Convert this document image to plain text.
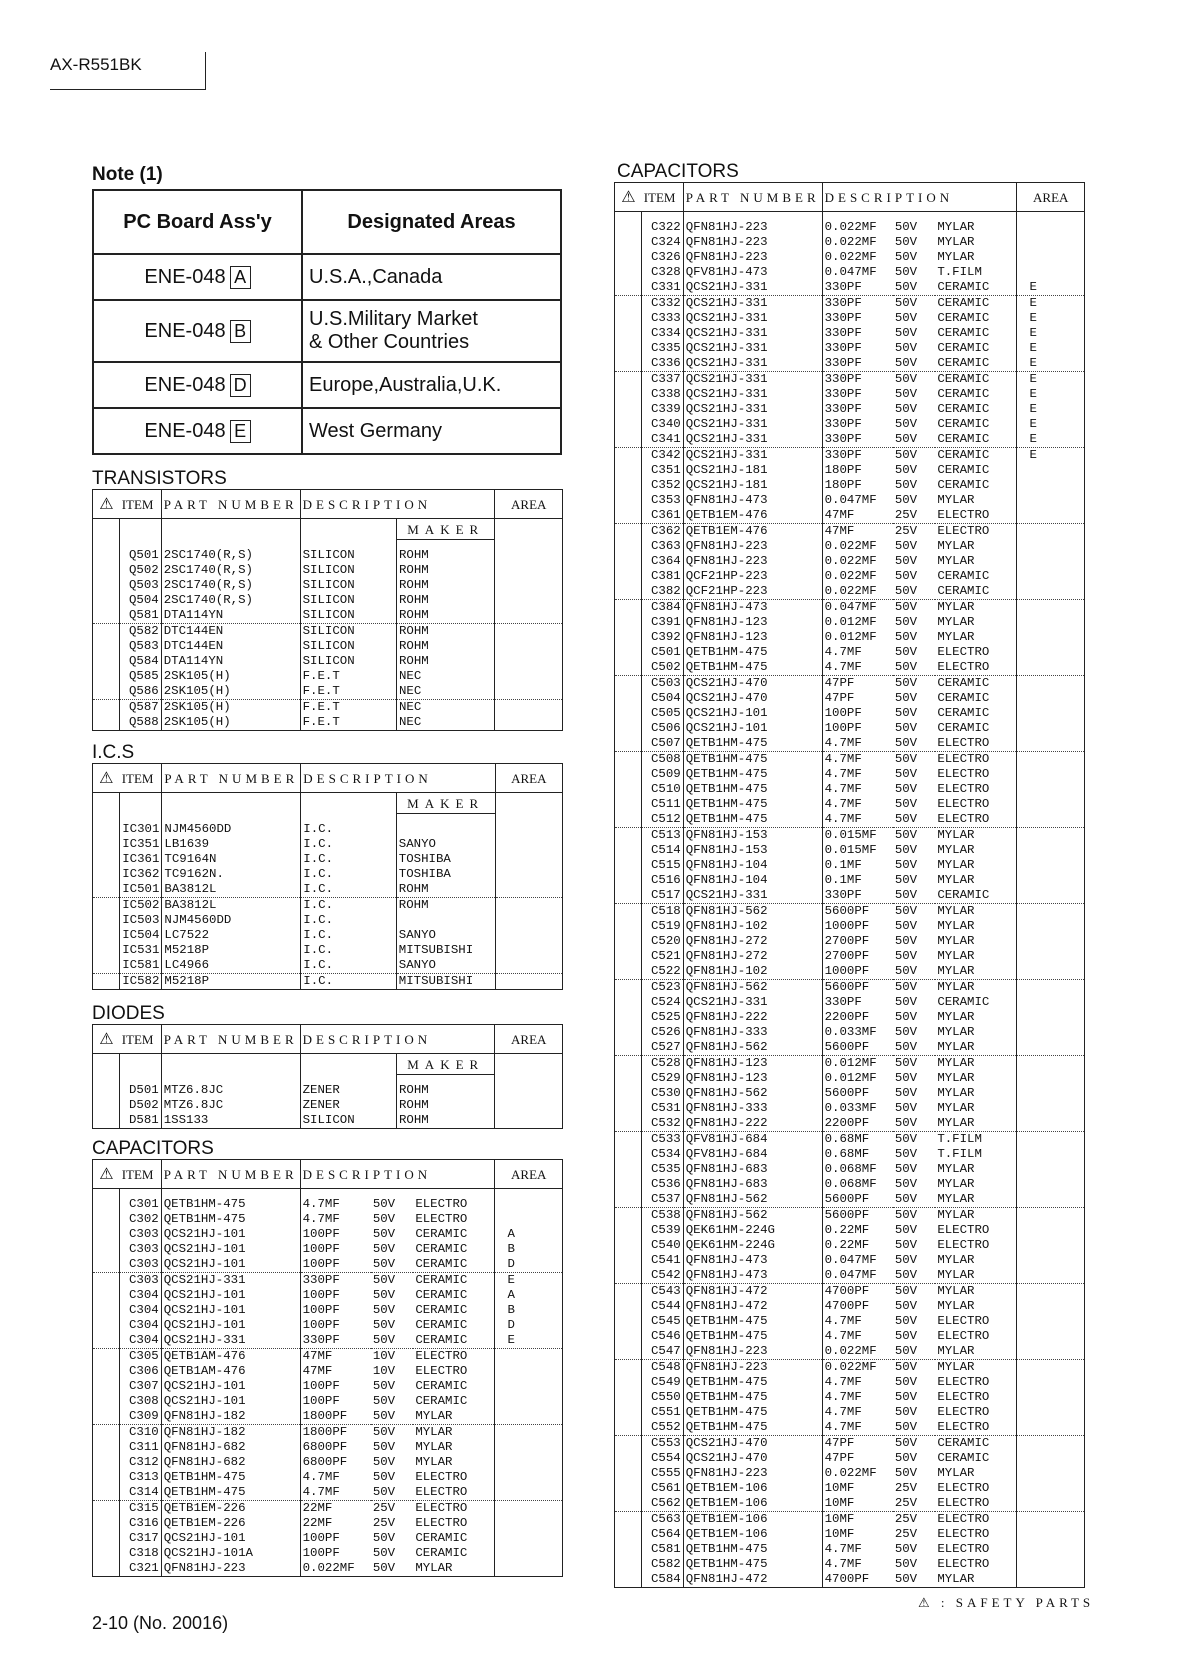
AX-R551BK
Note (1)
PC Board Ass'y	Designated Areas
ENE-048 A	U.S.A.,Canada
ENE-048 B	U.S.Military Market
& Other Countries
ENE-048 D	Europe,Australia,U.K.
ENE-048 E	West Germany
TRANSISTORS
⚠	ITEM	PART NUMBER	DESCRIPTION		AREA
				MAKER	

	Q501	2SC1740(R,S)	SILICON	ROHM	
	Q502	2SC1740(R,S)	SILICON	ROHM	
	Q503	2SC1740(R,S)	SILICON	ROHM	
	Q504	2SC1740(R,S)	SILICON	ROHM	
	Q581	DTA114YN	SILICON	ROHM	
	Q582	DTC144EN	SILICON	ROHM	
	Q583	DTC144EN	SILICON	ROHM	
	Q584	DTA114YN	SILICON	ROHM	
	Q585	2SK105(H)	F.E.T	NEC	
	Q586	2SK105(H)	F.E.T	NEC	
	Q587	2SK105(H)	F.E.T	NEC	
	Q588	2SK105(H)	F.E.T	NEC	
I.C.S
⚠	ITEM	PART NUMBER	DESCRIPTION		AREA
				MAKER	

	IC301	NJM4560DD	I.C.		
	IC351	LB1639	I.C.	SANYO	
	IC361	TC9164N	I.C.	TOSHIBA	
	IC362	TC9162N.	I.C.	TOSHIBA	
	IC501	BA3812L	I.C.	ROHM	
	IC502	BA3812L	I.C.	ROHM	
	IC503	NJM4560DD	I.C.		
	IC504	LC7522	I.C.	SANYO	
	IC531	M5218P	I.C.	MITSUBISHI	
	IC581	LC4966	I.C.	SANYO	
	IC582	M5218P	I.C.	MITSUBISHI	
DIODES
⚠	ITEM	PART NUMBER	DESCRIPTION		AREA
				MAKER	

	D501	MTZ6.8JC	ZENER	ROHM	
	D502	MTZ6.8JC	ZENER	ROHM	
	D581	1SS133	SILICON	ROHM	
CAPACITORS
⚠	ITEM	PART NUMBER	DESCRIPTION			AREA

	C301	QETB1HM-475	4.7MF	50V	ELECTRO	
	C302	QETB1HM-475	4.7MF	50V	ELECTRO	
	C303	QCS21HJ-101	100PF	50V	CERAMIC	A
	C303	QCS21HJ-101	100PF	50V	CERAMIC	B
	C303	QCS21HJ-101	100PF	50V	CERAMIC	D
	C303	QCS21HJ-331	330PF	50V	CERAMIC	E
	C304	QCS21HJ-101	100PF	50V	CERAMIC	A
	C304	QCS21HJ-101	100PF	50V	CERAMIC	B
	C304	QCS21HJ-101	100PF	50V	CERAMIC	D
	C304	QCS21HJ-331	330PF	50V	CERAMIC	E
	C305	QETB1AM-476	47MF	10V	ELECTRO	
	C306	QETB1AM-476	47MF	10V	ELECTRO	
	C307	QCS21HJ-101	100PF	50V	CERAMIC	
	C308	QCS21HJ-101	100PF	50V	CERAMIC	
	C309	QFN81HJ-182	1800PF	50V	MYLAR	
	C310	QFN81HJ-182	1800PF	50V	MYLAR	
	C311	QFN81HJ-682	6800PF	50V	MYLAR	
	C312	QFN81HJ-682	6800PF	50V	MYLAR	
	C313	QETB1HM-475	4.7MF	50V	ELECTRO	
	C314	QETB1HM-475	4.7MF	50V	ELECTRO	
	C315	QETB1EM-226	22MF	25V	ELECTRO	
	C316	QETB1EM-226	22MF	25V	ELECTRO	
	C317	QCS21HJ-101	100PF	50V	CERAMIC	
	C318	QCS21HJ-101A	100PF	50V	CERAMIC	
	C321	QFN81HJ-223	0.022MF	50V	MYLAR	
CAPACITORS
⚠	ITEM	PART NUMBER	DESCRIPTION			AREA

	C322	QFN81HJ-223	0.022MF	50V	MYLAR	
	C324	QFN81HJ-223	0.022MF	50V	MYLAR	
	C326	QFN81HJ-223	0.022MF	50V	MYLAR	
	C328	QFV81HJ-473	0.047MF	50V	T.FILM	
	C331	QCS21HJ-331	330PF	50V	CERAMIC	E
	C332	QCS21HJ-331	330PF	50V	CERAMIC	E
	C333	QCS21HJ-331	330PF	50V	CERAMIC	E
	C334	QCS21HJ-331	330PF	50V	CERAMIC	E
	C335	QCS21HJ-331	330PF	50V	CERAMIC	E
	C336	QCS21HJ-331	330PF	50V	CERAMIC	E
	C337	QCS21HJ-331	330PF	50V	CERAMIC	E
	C338	QCS21HJ-331	330PF	50V	CERAMIC	E
	C339	QCS21HJ-331	330PF	50V	CERAMIC	E
	C340	QCS21HJ-331	330PF	50V	CERAMIC	E
	C341	QCS21HJ-331	330PF	50V	CERAMIC	E
	C342	QCS21HJ-331	330PF	50V	CERAMIC	E
	C351	QCS21HJ-181	180PF	50V	CERAMIC	
	C352	QCS21HJ-181	180PF	50V	CERAMIC	
	C353	QFN81HJ-473	0.047MF	50V	MYLAR	
	C361	QETB1EM-476	47MF	25V	ELECTRO	
	C362	QETB1EM-476	47MF	25V	ELECTRO	
	C363	QFN81HJ-223	0.022MF	50V	MYLAR	
	C364	QFN81HJ-223	0.022MF	50V	MYLAR	
	C381	QCF21HP-223	0.022MF	50V	CERAMIC	
	C382	QCF21HP-223	0.022MF	50V	CERAMIC	
	C384	QFN81HJ-473	0.047MF	50V	MYLAR	
	C391	QFN81HJ-123	0.012MF	50V	MYLAR	
	C392	QFN81HJ-123	0.012MF	50V	MYLAR	
	C501	QETB1HM-475	4.7MF	50V	ELECTRO	
	C502	QETB1HM-475	4.7MF	50V	ELECTRO	
	C503	QCS21HJ-470	47PF	50V	CERAMIC	
	C504	QCS21HJ-470	47PF	50V	CERAMIC	
	C505	QCS21HJ-101	100PF	50V	CERAMIC	
	C506	QCS21HJ-101	100PF	50V	CERAMIC	
	C507	QETB1HM-475	4.7MF	50V	ELECTRO	
	C508	QETB1HM-475	4.7MF	50V	ELECTRO	
	C509	QETB1HM-475	4.7MF	50V	ELECTRO	
	C510	QETB1HM-475	4.7MF	50V	ELECTRO	
	C511	QETB1HM-475	4.7MF	50V	ELECTRO	
	C512	QETB1HM-475	4.7MF	50V	ELECTRO	
	C513	QFN81HJ-153	0.015MF	50V	MYLAR	
	C514	QFN81HJ-153	0.015MF	50V	MYLAR	
	C515	QFN81HJ-104	0.1MF	50V	MYLAR	
	C516	QFN81HJ-104	0.1MF	50V	MYLAR	
	C517	QCS21HJ-331	330PF	50V	CERAMIC	
	C518	QFN81HJ-562	5600PF	50V	MYLAR	
	C519	QFN81HJ-102	1000PF	50V	MYLAR	
	C520	QFN81HJ-272	2700PF	50V	MYLAR	
	C521	QFN81HJ-272	2700PF	50V	MYLAR	
	C522	QFN81HJ-102	1000PF	50V	MYLAR	
	C523	QFN81HJ-562	5600PF	50V	MYLAR	
	C524	QCS21HJ-331	330PF	50V	CERAMIC	
	C525	QFN81HJ-222	2200PF	50V	MYLAR	
	C526	QFN81HJ-333	0.033MF	50V	MYLAR	
	C527	QFN81HJ-562	5600PF	50V	MYLAR	
	C528	QFN81HJ-123	0.012MF	50V	MYLAR	
	C529	QFN81HJ-123	0.012MF	50V	MYLAR	
	C530	QFN81HJ-562	5600PF	50V	MYLAR	
	C531	QFN81HJ-333	0.033MF	50V	MYLAR	
	C532	QFN81HJ-222	2200PF	50V	MYLAR	
	C533	QFV81HJ-684	0.68MF	50V	T.FILM	
	C534	QFV81HJ-684	0.68MF	50V	T.FILM	
	C535	QFN81HJ-683	0.068MF	50V	MYLAR	
	C536	QFN81HJ-683	0.068MF	50V	MYLAR	
	C537	QFN81HJ-562	5600PF	50V	MYLAR	
	C538	QFN81HJ-562	5600PF	50V	MYLAR	
	C539	QEK61HM-224G	0.22MF	50V	ELECTRO	
	C540	QEK61HM-224G	0.22MF	50V	ELECTRO	
	C541	QFN81HJ-473	0.047MF	50V	MYLAR	
	C542	QFN81HJ-473	0.047MF	50V	MYLAR	
	C543	QFN81HJ-472	4700PF	50V	MYLAR	
	C544	QFN81HJ-472	4700PF	50V	MYLAR	
	C545	QETB1HM-475	4.7MF	50V	ELECTRO	
	C546	QETB1HM-475	4.7MF	50V	ELECTRO	
	C547	QFN81HJ-223	0.022MF	50V	MYLAR	
	C548	QFN81HJ-223	0.022MF	50V	MYLAR	
	C549	QETB1HM-475	4.7MF	50V	ELECTRO	
	C550	QETB1HM-475	4.7MF	50V	ELECTRO	
	C551	QETB1HM-475	4.7MF	50V	ELECTRO	
	C552	QETB1HM-475	4.7MF	50V	ELECTRO	
	C553	QCS21HJ-470	47PF	50V	CERAMIC	
	C554	QCS21HJ-470	47PF	50V	CERAMIC	
	C555	QFN81HJ-223	0.022MF	50V	MYLAR	
	C561	QETB1EM-106	10MF	25V	ELECTRO	
	C562	QETB1EM-106	10MF	25V	ELECTRO	
	C563	QETB1EM-106	10MF	25V	ELECTRO	
	C564	QETB1EM-106	10MF	25V	ELECTRO	
	C581	QETB1HM-475	4.7MF	50V	ELECTRO	
	C582	QETB1HM-475	4.7MF	50V	ELECTRO	
	C584	QFN81HJ-472	4700PF	50V	MYLAR	
⚠ : SAFETY PARTS
2-10 (No. 20016)
